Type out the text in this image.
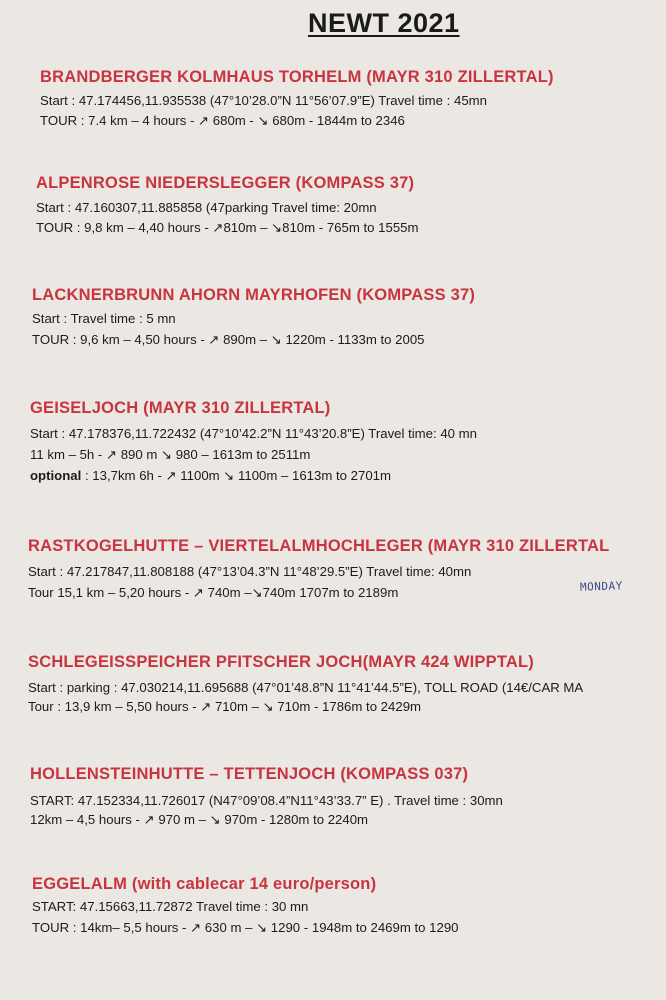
NEWT 2021
BRANDBERGER KOLMHAUS TORHELM (MAYR 310 ZILLERTAL)
Start : 47.174456,11.935538 (47°10’28.0”N 11°56’07.9”E) Travel time : 45mn
TOUR : 7.4 km – 4 hours - ↗ 680m - ↘ 680m - 1844m to 2346
ALPENROSE NIEDERSLEGGER (KOMPASS 37)
Start : 47.160307,11.885858 (47parking Travel time: 20mn
TOUR : 9,8 km – 4,40 hours - ↗810m – ↘810m - 765m to 1555m
LACKNERBRUNN AHORN MAYRHOFEN (KOMPASS 37)
Start : Travel time : 5 mn
TOUR : 9,6 km – 4,50 hours - ↗ 890m – ↘ 1220m - 1133m to 2005
GEISELJOCH (MAYR 310 ZILLERTAL)
Start : 47.178376,11.722432 (47°10’42.2”N 11°43’20.8”E) Travel time: 40 mn
11 km – 5h - ↗ 890 m ↘ 980 – 1613m to 2511m
optional : 13,7km 6h - ↗ 1100m ↘ 1100m – 1613m to 2701m
RASTKOGELHUTTE – VIERTELALMHOCHLEGER (MAYR 310 ZILLERTAL
Start : 47.217847,11.808188 (47°13’04.3”N 11°48’29.5”E) Travel time: 40mn
Tour 15,1 km – 5,20 hours - ↗ 740m –↘740m 1707m to 2189m	MONDAY
SCHLEGEISSPEICHER PFITSCHER JOCH(MAYR 424 WIPPTAL)
Start : parking : 47.030214,11.695688 (47°01’48.8”N 11°41’44.5”E), TOLL ROAD (14€/CAR MA
Tour : 13,9 km – 5,50 hours - ↗ 710m – ↘ 710m - 1786m to 2429m
HOLLENSTEINHUTTE – TETTENJOCH (KOMPASS 037)
START: 47.152334,11.726017 (N47°09’08.4”N11°43’33.7” E) . Travel time : 30mn
12km – 4,5 hours - ↗ 970 m – ↘ 970m - 1280m to 2240m
EGGELALM (with cablecar 14 euro/person)
START: 47.15663,11.72872 Travel time : 30 mn
TOUR : 14km– 5,5 hours - ↗ 630 m – ↘ 1290 - 1948m to 2469m to 1290
